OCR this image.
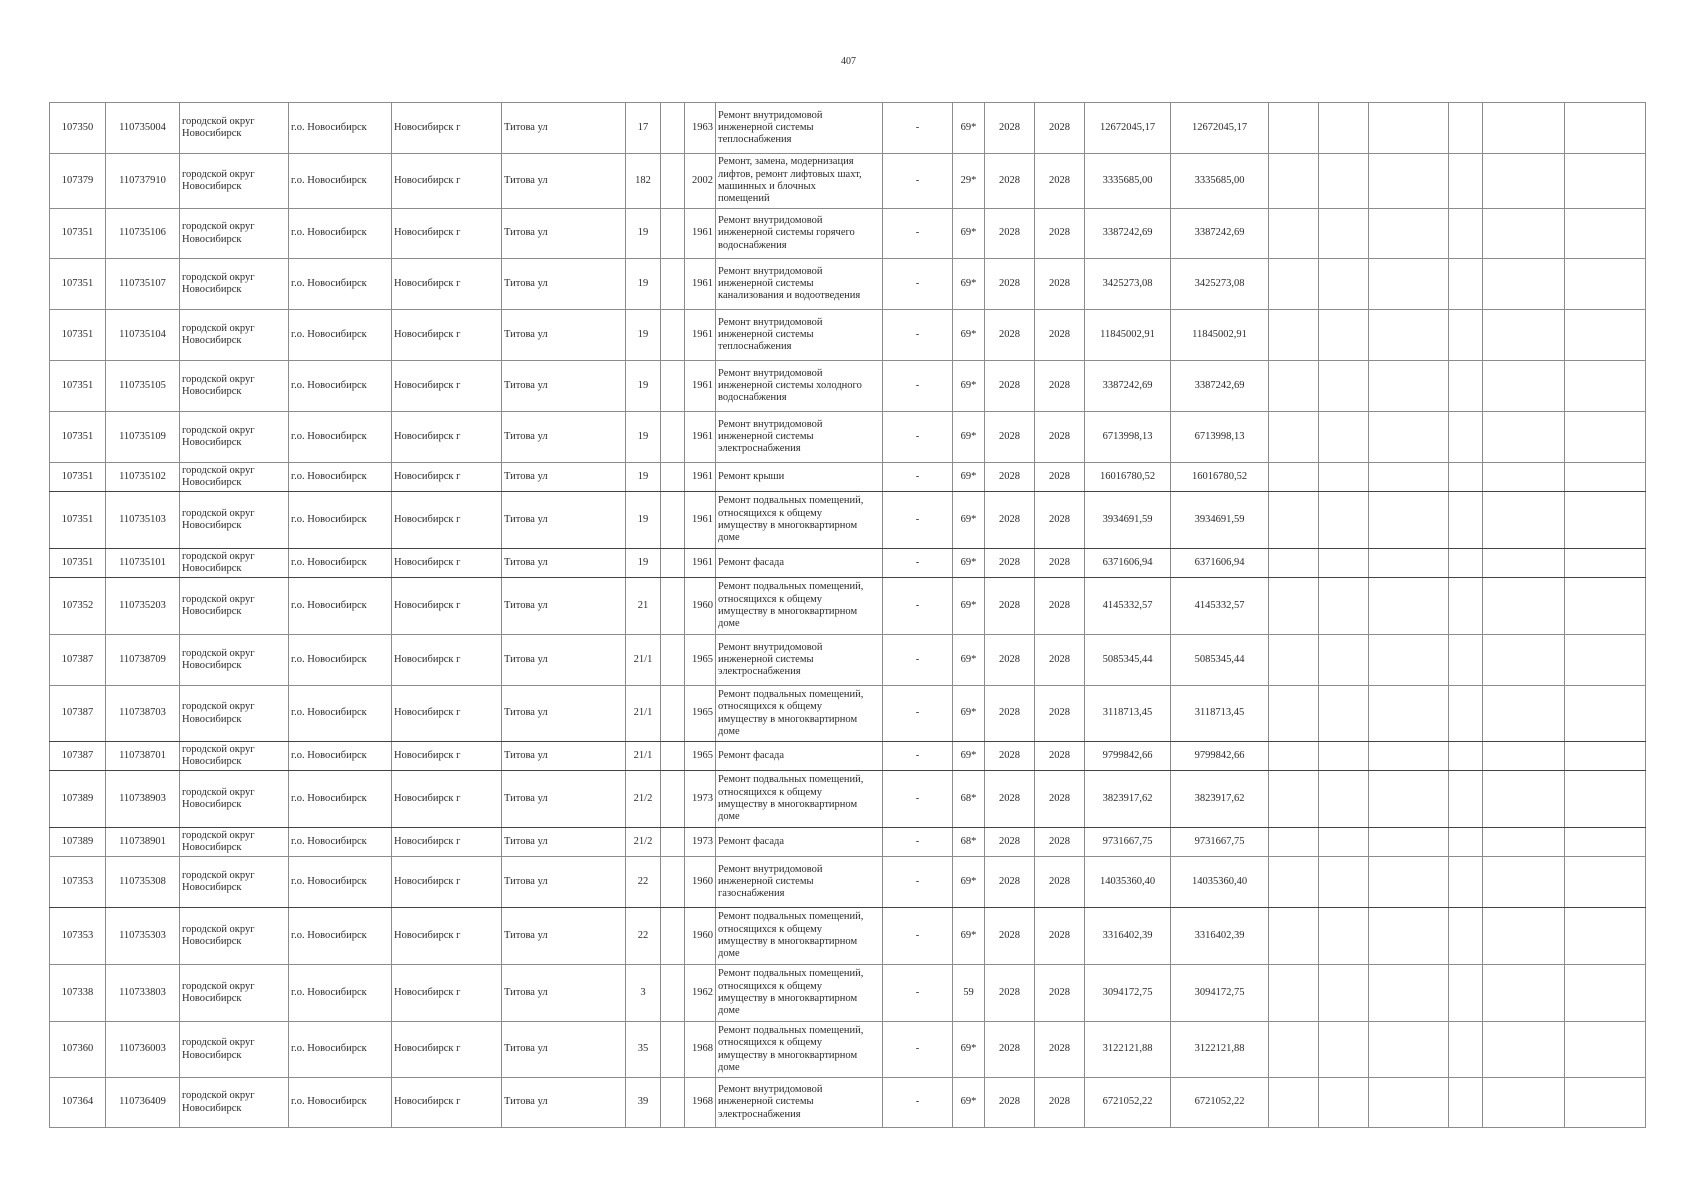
407
107350	110735004	городской округ
Новосибирск	г.о. Новосибирск	Новосибирск г	Титова ул	17		1963	Ремонт внутридомовой
инженерной системы
теплоснабжения	-	69*	2028	2028	12672045,17	12672045,17						
107379	110737910	городской округ
Новосибирск	г.о. Новосибирск	Новосибирск г	Титова ул	182		2002	Ремонт, замена, модернизация
лифтов, ремонт лифтовых шахт,
машинных и блочных
помещений	-	29*	2028	2028	3335685,00	3335685,00						
107351	110735106	городской округ
Новосибирск	г.о. Новосибирск	Новосибирск г	Титова ул	19		1961	Ремонт внутридомовой
инженерной системы горячего
водоснабжения	-	69*	2028	2028	3387242,69	3387242,69						
107351	110735107	городской округ
Новосибирск	г.о. Новосибирск	Новосибирск г	Титова ул	19		1961	Ремонт внутридомовой
инженерной системы
канализования и водоотведения	-	69*	2028	2028	3425273,08	3425273,08						
107351	110735104	городской округ
Новосибирск	г.о. Новосибирск	Новосибирск г	Титова ул	19		1961	Ремонт внутридомовой
инженерной системы
теплоснабжения	-	69*	2028	2028	11845002,91	11845002,91						
107351	110735105	городской округ
Новосибирск	г.о. Новосибирск	Новосибирск г	Титова ул	19		1961	Ремонт внутридомовой
инженерной системы холодного
водоснабжения	-	69*	2028	2028	3387242,69	3387242,69						
107351	110735109	городской округ
Новосибирск	г.о. Новосибирск	Новосибирск г	Титова ул	19		1961	Ремонт внутридомовой
инженерной системы
электроснабжения	-	69*	2028	2028	6713998,13	6713998,13						
107351	110735102	городской округ
Новосибирск	г.о. Новосибирск	Новосибирск г	Титова ул	19		1961	Ремонт крыши	-	69*	2028	2028	16016780,52	16016780,52						
107351	110735103	городской округ
Новосибирск	г.о. Новосибирск	Новосибирск г	Титова ул	19		1961	Ремонт подвальных помещений,
относящихся к общему
имуществу в многоквартирном
доме	-	69*	2028	2028	3934691,59	3934691,59						
107351	110735101	городской округ
Новосибирск	г.о. Новосибирск	Новосибирск г	Титова ул	19		1961	Ремонт фасада	-	69*	2028	2028	6371606,94	6371606,94						
107352	110735203	городской округ
Новосибирск	г.о. Новосибирск	Новосибирск г	Титова ул	21		1960	Ремонт подвальных помещений,
относящихся к общему
имуществу в многоквартирном
доме	-	69*	2028	2028	4145332,57	4145332,57						
107387	110738709	городской округ
Новосибирск	г.о. Новосибирск	Новосибирск г	Титова ул	21/1		1965	Ремонт внутридомовой
инженерной системы
электроснабжения	-	69*	2028	2028	5085345,44	5085345,44						
107387	110738703	городской округ
Новосибирск	г.о. Новосибирск	Новосибирск г	Титова ул	21/1		1965	Ремонт подвальных помещений,
относящихся к общему
имуществу в многоквартирном
доме	-	69*	2028	2028	3118713,45	3118713,45						
107387	110738701	городской округ
Новосибирск	г.о. Новосибирск	Новосибирск г	Титова ул	21/1		1965	Ремонт фасада	-	69*	2028	2028	9799842,66	9799842,66						
107389	110738903	городской округ
Новосибирск	г.о. Новосибирск	Новосибирск г	Титова ул	21/2		1973	Ремонт подвальных помещений,
относящихся к общему
имуществу в многоквартирном
доме	-	68*	2028	2028	3823917,62	3823917,62						
107389	110738901	городской округ
Новосибирск	г.о. Новосибирск	Новосибирск г	Титова ул	21/2		1973	Ремонт фасада	-	68*	2028	2028	9731667,75	9731667,75						
107353	110735308	городской округ
Новосибирск	г.о. Новосибирск	Новосибирск г	Титова ул	22		1960	Ремонт внутридомовой
инженерной системы
газоснабжения	-	69*	2028	2028	14035360,40	14035360,40						
107353	110735303	городской округ
Новосибирск	г.о. Новосибирск	Новосибирск г	Титова ул	22		1960	Ремонт подвальных помещений,
относящихся к общему
имуществу в многоквартирном
доме	-	69*	2028	2028	3316402,39	3316402,39						
107338	110733803	городской округ
Новосибирск	г.о. Новосибирск	Новосибирск г	Титова ул	3		1962	Ремонт подвальных помещений,
относящихся к общему
имуществу в многоквартирном
доме	-	59	2028	2028	3094172,75	3094172,75						
107360	110736003	городской округ
Новосибирск	г.о. Новосибирск	Новосибирск г	Титова ул	35		1968	Ремонт подвальных помещений,
относящихся к общему
имуществу в многоквартирном
доме	-	69*	2028	2028	3122121,88	3122121,88						
107364	110736409	городской округ
Новосибирск	г.о. Новосибирск	Новосибирск г	Титова ул	39		1968	Ремонт внутридомовой
инженерной системы
электроснабжения	-	69*	2028	2028	6721052,22	6721052,22						
